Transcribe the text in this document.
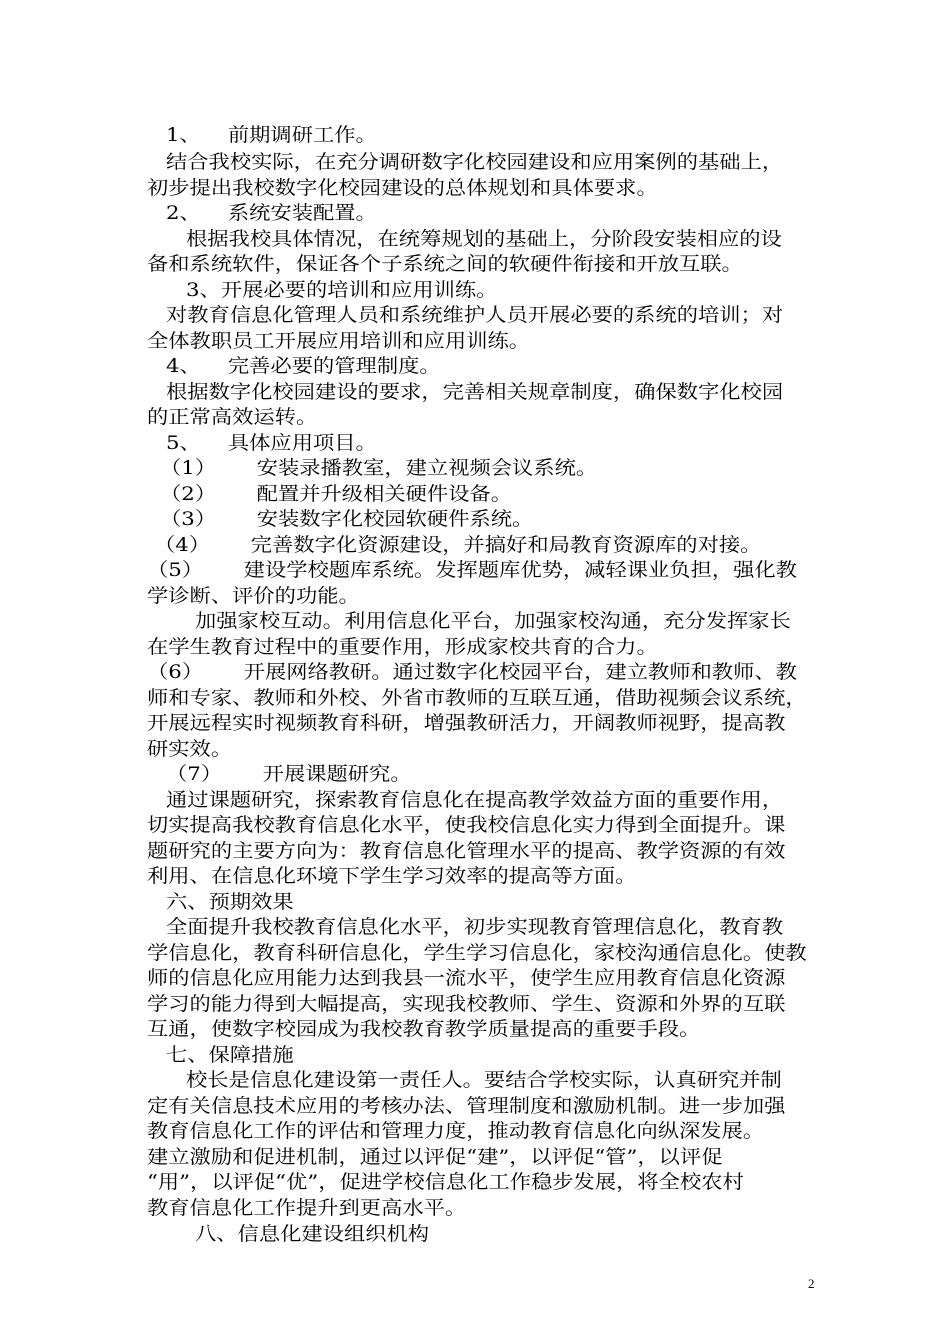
1、    前期调研工作。
结合我校实际，在充分调研数字化校园建设和应用案例的基础上，
初步提出我校数字化校园建设的总体规划和具体要求。
2、    系统安装配置。
根据我校具体情况，在统筹规划的基础上，分阶段安装相应的设
备和系统软件，保证各个子系统之间的软硬件衔接和开放互联。
3、开展必要的培训和应用训练。
对教育信息化管理人员和系统维护人员开展必要的系统的培训；对
全体教职员工开展应用培训和应用训练。
4、    完善必要的管理制度。
根据数字化校园建设的要求，完善相关规章制度，确保数字化校园
的正常高效运转。
5、    具体应用项目。
（1）      安装录播教室，建立视频会议系统。
（2）      配置并升级相关硬件设备。
（3）      安装数字化校园软硬件系统。
（4）      完善数字化资源建设，并搞好和局教育资源库的对接。
（5）      建设学校题库系统。发挥题库优势，减轻课业负担，强化教
学诊断、评价的功能。
加强家校互动。利用信息化平台，加强家校沟通，充分发挥家长
在学生教育过程中的重要作用，形成家校共育的合力。
（6）      开展网络教研。通过数字化校园平台，建立教师和教师、教
师和专家、教师和外校、外省市教师的互联互通，借助视频会议系统，
开展远程实时视频教育科研，增强教研活力，开阔教师视野，提高教
研实效。
（7）      开展课题研究。
通过课题研究，探索教育信息化在提高教学效益方面的重要作用，
切实提高我校教育信息化水平，使我校信息化实力得到全面提升。课
题研究的主要方向为：教育信息化管理水平的提高、教学资源的有效
利用、在信息化环境下学生学习效率的提高等方面。
六、预期效果
全面提升我校教育信息化水平，初步实现教育管理信息化，教育教
学信息化，教育科研信息化，学生学习信息化，家校沟通信息化。使教
师的信息化应用能力达到我县一流水平，使学生应用教育信息化资源
学习的能力得到大幅提高，实现我校教师、学生、资源和外界的互联
互通，使数字校园成为我校教育教学质量提高的重要手段。
七、保障措施
校长是信息化建设第一责任人。要结合学校实际，认真研究并制
定有关信息技术应用的考核办法、管理制度和激励机制。进一步加强
教育信息化工作的评估和管理力度，推动教育信息化向纵深发展。
建立激励和促进机制，通过以评促“建”，以评促“管”，以评促
“用”，以评促“优”，促进学校信息化工作稳步发展，将全校农村
教育信息化工作提升到更高水平。
八、信息化建设组织机构
2
